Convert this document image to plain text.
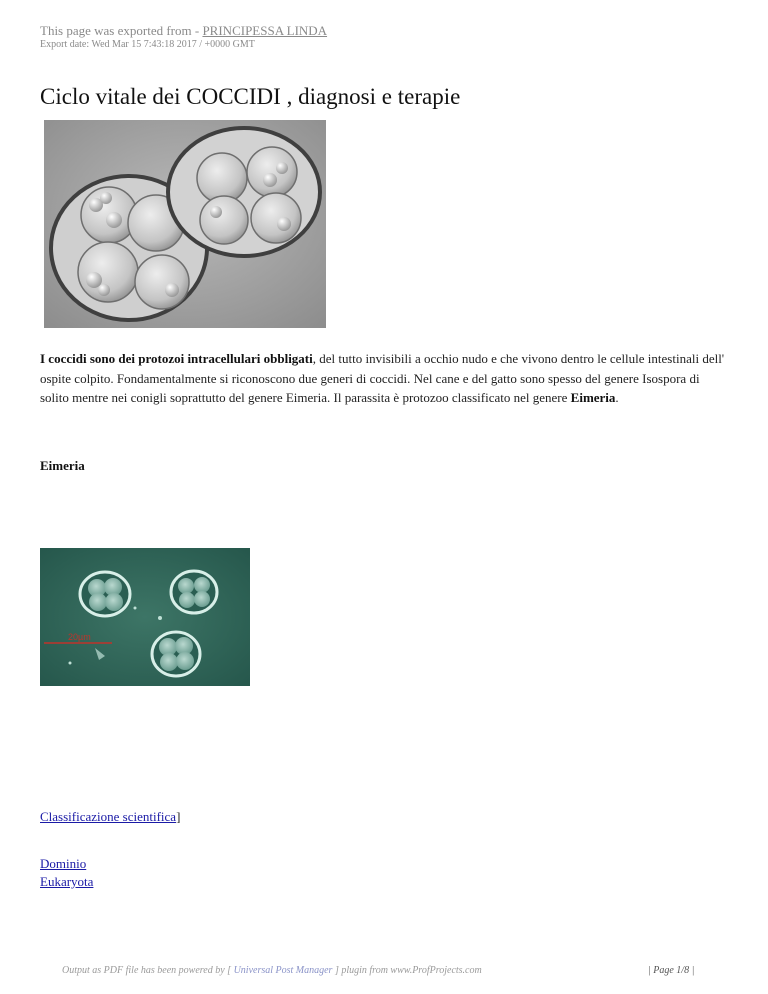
This page was exported from - PRINCIPESSA LINDA
Export date: Wed Mar 15 7:43:18 2017 / +0000 GMT
Ciclo vitale dei COCCIDI , diagnosi e terapie
I coccidi sono dei protozoi intracellulari obbligati, del tutto invisibili a occhio nudo e che vivono dentro le cellule intestinali dell' ospite colpito. Fondamentalmente si riconoscono due generi di coccidi. Nel cane e del gatto sono spesso del genere Isospora di solito mentre nei conigli soprattutto del genere Eimeria. Il parassita è protozoo classificato nel genere Eimeria.
Eimeria
20µm
Classificazione scientifica]
Dominio
Eukaryota
Output as PDF file has been powered by [ Universal Post Manager ] plugin from www.ProfProjects.com	| Page 1/8 |
